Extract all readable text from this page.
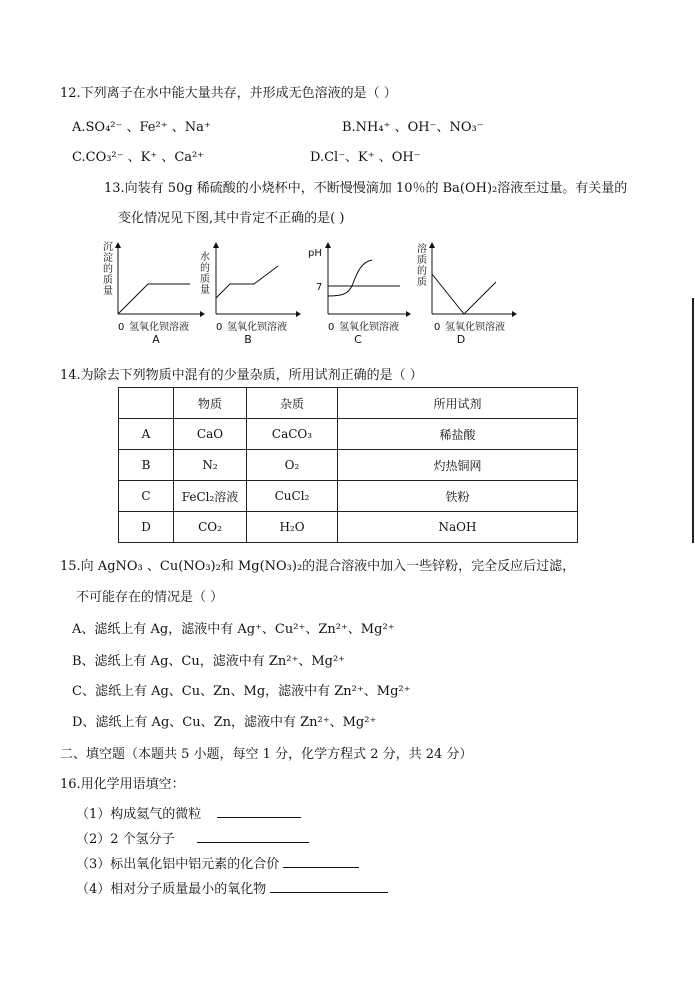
12.下列离子在水中能大量共存，并形成无色溶液的是（ ）
A.SO₄²⁻ 、Fe²⁺ 、Na⁺	B.NH₄⁺ 、OH⁻、NO₃⁻
C.CO₃²⁻ 、K⁺ 、Ca²⁺	D.Cl⁻、K⁺ 、OH⁻
13.向装有 50g 稀硫酸的小烧杯中，不断慢慢滴加 10％的 Ba(OH)₂溶液至过量。有关量的
变化情况见下图,其中肯定不正确的是( )
沉
淀
的
质
量
0 氢氧化钡溶液
A
水
的
质
量
0 氢氧化钡溶液
B
pH
7
0 氢氧化钡溶液
C
溶
质
的
质
0 氢氧化钡溶液
D
14.为除去下列物质中混有的少量杂质，所用试剂正确的是（ ）
	物质	杂质	所用试剂
A	CaO	CaCO₃	稀盐酸
B	N₂	O₂	灼热铜网
C	FeCl₂溶液	CuCl₂	铁粉
D	CO₂	H₂O	NaOH
15.向 AgNO₃ 、Cu(NO₃)₂和 Mg(NO₃)₂的混合溶液中加入一些锌粉，完全反应后过滤，
不可能存在的情况是（ ）
A、滤纸上有 Ag，滤液中有 Ag⁺、Cu²⁺、Zn²⁺、Mg²⁺
B、滤纸上有 Ag、Cu，滤液中有 Zn²⁺、Mg²⁺
C、滤纸上有 Ag、Cu、Zn、Mg，滤液中有 Zn²⁺、Mg²⁺
D、滤纸上有 Ag、Cu、Zn，滤液中有 Zn²⁺、Mg²⁺
二、填空题（本题共 5 小题，每空 1 分，化学方程式 2 分，共 24 分）
16.用化学用语填空：
（1）构成氦气的微粒
（2）2 个氢分子
（3）标出氧化铝中铝元素的化合价
（4）相对分子质量最小的氧化物
